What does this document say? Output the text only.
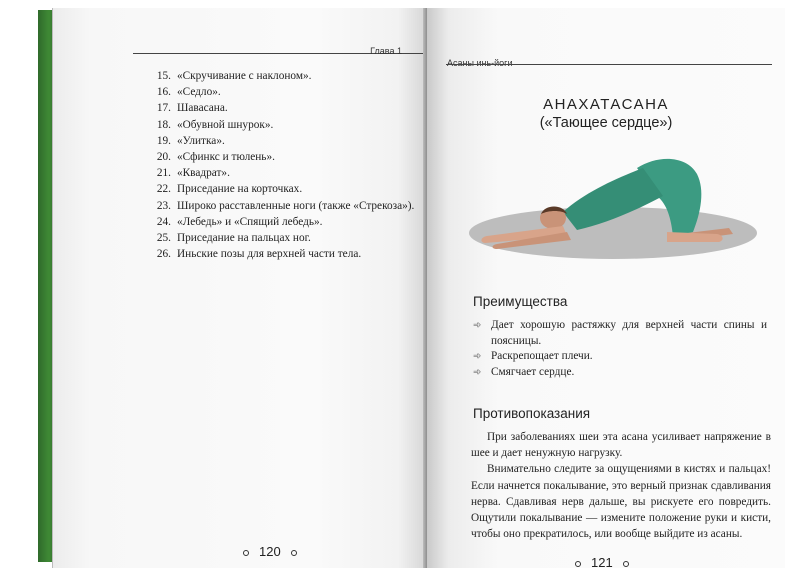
Глава 1
15. «Скручивание с наклоном».
16. «Седло».
17. Шавасана.
18. «Обувной шнурок».
19. «Улитка».
20. «Сфинкс и тюлень».
21. «Квадрат».
22. Приседание на корточках.
23. Широко расставленные ноги (также «Стрекоза»).
24. «Лебедь» и «Спящий лебедь».
25. Приседание на пальцах ног.
26. Иньские позы для верхней части тела.
120
Асаны инь-йоги
АНАХАТАСАНА
(«Тающее сердце»)
Преимущества
➾ Дает хорошую растяжку для верхней части спины и поясницы.
➾ Раскрепощает плечи.
➾ Смягчает сердце.
Противопоказания

При заболеваниях шеи эта асана усиливает напряжение в шее и дает ненужную нагрузку.

Внимательно следите за ощущениями в кистях и пальцах! Если начнется покалывание, это верный признак сдавливания нерва. Сдавливая нерв дальше, вы рискуете его повредить. Ощутили покалывание — измените положение руки и кисти, чтобы оно прекратилось, или вообще выйдите из асаны.

121
